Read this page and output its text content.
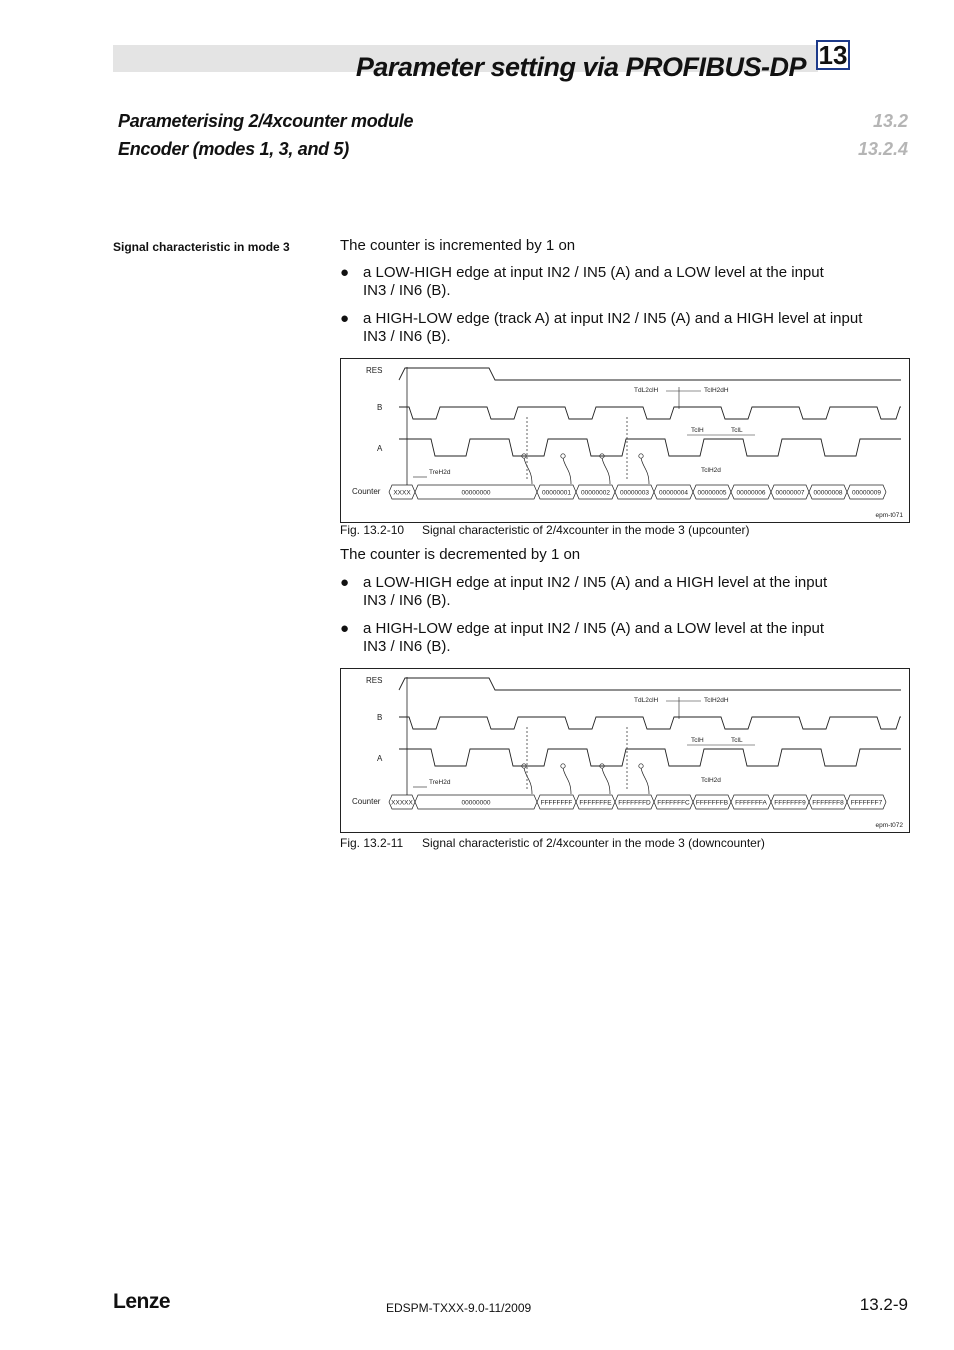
Parameter setting via PROFIBUS-DP 13
Parameterising 2/4xcounter module	13.2
Encoder (modes 1, 3, and 5)	13.2.4
Signal characteristic in mode 3	The counter is incremented by 1 on
● a LOW-HIGH edge at input IN2 / IN5 (A) and a LOW level at the input
IN3 / IN6 (B).
● a HIGH-LOW edge (track A) at input IN2 / IN5 (A) and a HIGH level at input
IN3 / IN6 (B).
RES
B
A
Counter
TdL2clH	TclH2dH
TclH	TclL
TreH2d	TclH2d
XXXX	00000000	00000001 00000002 00000003 00000004 00000005 00000006 00000007 00000008 00000009
epm-t071
Fig. 13.2-10 Signal characteristic of 2/4xcounter in the mode 3 (upcounter)
The counter is decremented by 1 on
● a LOW-HIGH edge at input IN2 / IN5 (A) and a HIGH level at the input
IN3 / IN6 (B).
● a HIGH-LOW edge at input IN2 / IN5 (A) and a LOW level at the input
IN3 / IN6 (B).
RES
B
A
Counter
TdL2clH	TclH2dH
TclH	TclL
TreH2d	TclH2d
XXXXX	00000000	FFFFFFFF FFFFFFFE FFFFFFFD FFFFFFFC FFFFFFFB FFFFFFFA FFFFFFF9 FFFFFFF8 FFFFFFF7
epm-t072
Fig. 13.2-11 Signal characteristic of 2/4xcounter in the mode 3 (downcounter)
Lenze	EDSPM-TXXX-9.0-11/2009	13.2-9
